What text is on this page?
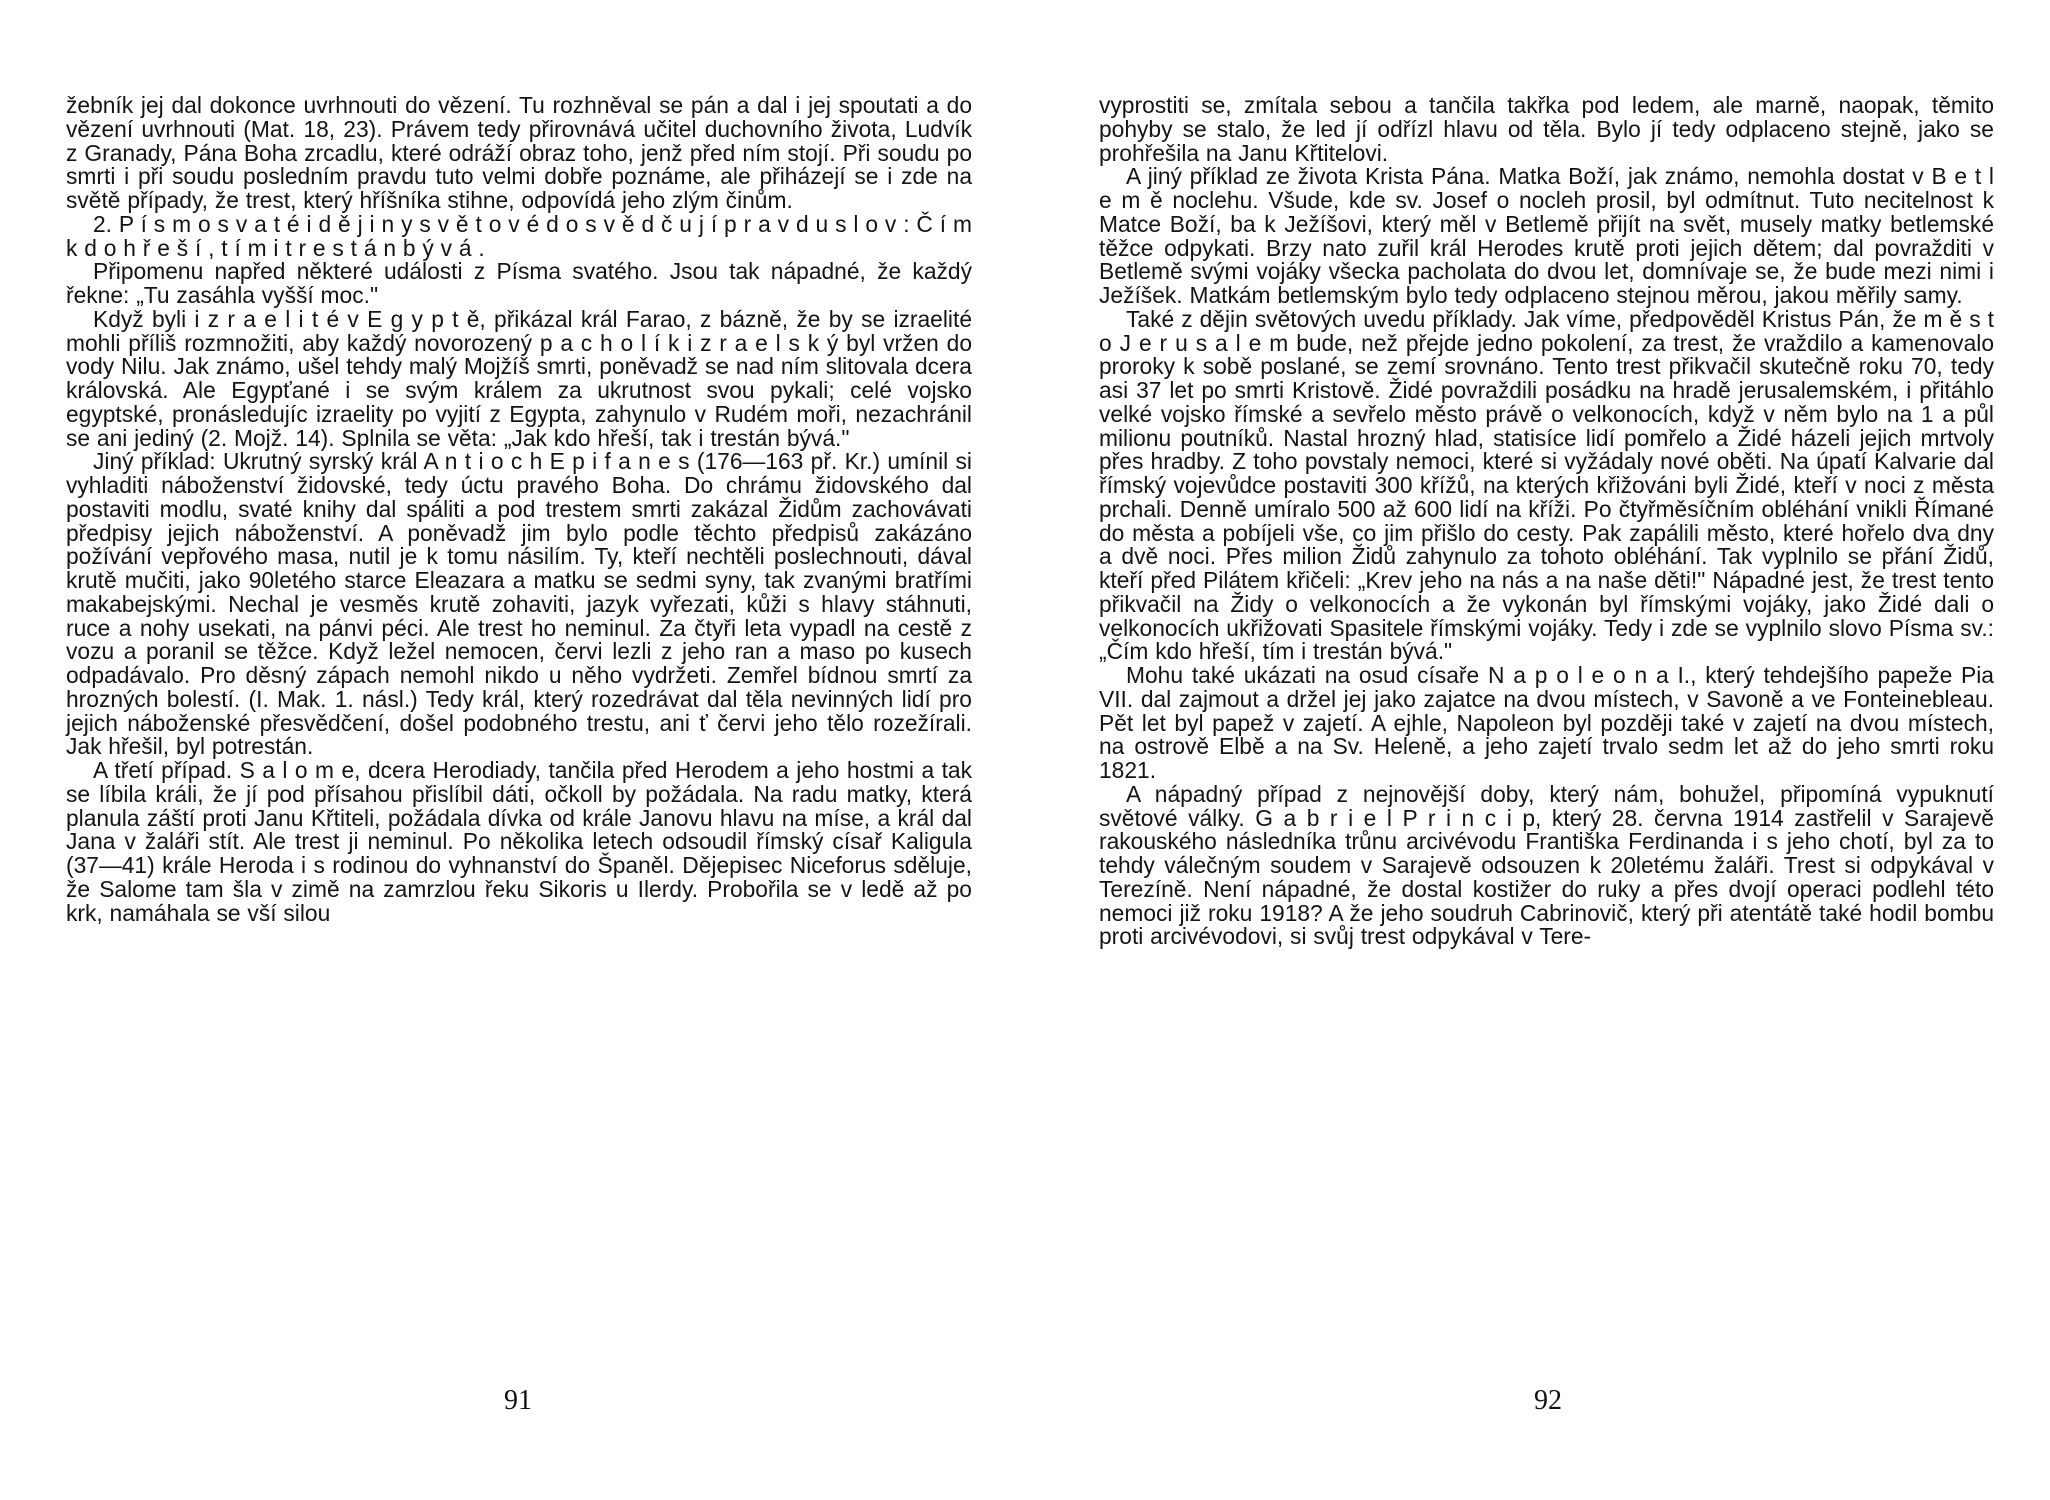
žebník jej dal dokonce uvrhnouti do vězení. Tu rozhněval se pán a dal i jej spoutati a do vězení uvrhnouti (Mat. 18, 23). Právem tedy přirovnává učitel duchovního života, Ludvík z Granady, Pána Boha zrcadlu, které odráží obraz toho, jenž před ním stojí. Při soudu po smrti i při soudu posledním pravdu tuto velmi dobře poznáme, ale přiházejí se i zde na světě případy, že trest, který hříšníka stihne, odpovídá jeho zlým činům.

2. P í s m o s v a t é i d ě j i n y s v ě t o v é d o s v ě d č u j í p r a v d u s l o v : Č í m k d o h ř e š í , t í m i t r e s t á n b ý v á .

Připomenu napřed některé události z Písma svatého. Jsou tak nápadné, že každý řekne: „Tu zasáhla vyšší moc."

Když byli i z r a e l i t é v E g y p t ě, přikázal král Farao, z bázně, že by se izraelité mohli příliš rozmnožiti, aby každý novorozený p a c h o l í k i z r a e l s k ý byl vržen do vody Nilu. Jak známo, ušel tehdy malý Mojžíš smrti, poněvadž se nad ním slitovala dcera královská. Ale Egypťané i se svým králem za ukrutnost svou pykali; celé vojsko egyptské, pronásledujíc izraelity po vyjití z Egypta, zahynulo v Rudém moři, nezachránil se ani jediný (2. Mojž. 14). Splnila se věta: „Jak kdo hřeší, tak i trestán bývá."

Jiný příklad: Ukrutný syrský král A n t i o c h E p i f a n e s (176—163 př. Kr.) umínil si vyhladiti náboženství židovské, tedy úctu pravého Boha. Do chrámu židovského dal postaviti modlu, svaté knihy dal spáliti a pod trestem smrti zakázal Židům zachovávati předpisy jejich náboženství. A poněvadž jim bylo podle těchto předpisů zakázáno požívání vepřového masa, nutil je k tomu násilím. Ty, kteří nechtěli poslechnouti, dával krutě mučiti, jako 90letého starce Eleazara a matku se sedmi syny, tak zvanými bratřími makabejskými. Nechal je vesměs krutě zohaviti, jazyk vyřezati, kůži s hlavy stáhnuti, ruce a nohy usekati, na pánvi péci. Ale trest ho neminul. Za čtyři leta vypadl na cestě z vozu a poranil se těžce. Když ležel nemocen, červi lezli z jeho ran a maso po kusech odpadávalo. Pro děsný zápach nemohl nikdo u něho vydržeti. Zemřel bídnou smrtí za hrozných bolestí. (I. Mak. 1. násl.) Tedy král, který rozedrávat dal těla nevinných lidí pro jejich náboženské přesvědčení, došel podobného trestu, ani ť červi jeho tělo rozežírali. Jak hřešil, byl potrestán.

A třetí případ. S a l o m e, dcera Herodiady, tančila před Herodem a jeho hostmi a tak se líbila králi, že jí pod přísahou přislíbil dáti, očkoll by požádala. Na radu matky, která planula záští proti Janu Křtiteli, požádala dívka od krále Janovu hlavu na míse, a král dal Jana v žaláři stít. Ale trest ji neminul. Po několika letech odsoudil římský císař Kaligula (37—41) krále Heroda i s rodinou do vyhnanství do Španěl. Dějepisec Niceforus sděluje, že Salome tam šla v zimě na zamrzlou řeku Sikoris u Ilerdy. Probořila se v ledě až po krk, namáhala se vší silou

91

vyprostiti se, zmítala sebou a tančila takřka pod ledem, ale marně, naopak, těmito pohyby se stalo, že led jí odřízl hlavu od těla. Bylo jí tedy odplaceno stejně, jako se prohřešila na Janu Křtitelovi.

A jiný příklad ze života Krista Pána. Matka Boží, jak známo, nemohla dostat v B e t l e m ě noclehu. Všude, kde sv. Josef o nocleh prosil, byl odmítnut. Tuto necitelnost k Matce Boží, ba k Ježíšovi, který měl v Betlemě přijít na svět, musely matky betlemské těžce odpykati. Brzy nato zuřil král Herodes krutě proti jejich dětem; dal povražditi v Betlemě svými vojáky všecka pacholata do dvou let, domnívaje se, že bude mezi nimi i Ježíšek. Matkám betlemským bylo tedy odplaceno stejnou měrou, jakou měřily samy.

Také z dějin světových uvedu příklady. Jak víme, předpověděl Kristus Pán, že m ě s t o J e r u s a l e m bude, než přejde jedno pokolení, za trest, že vraždilo a kamenovalo proroky k sobě poslané, se zemí srovnáno. Tento trest přikvačil skutečně roku 70, tedy asi 37 let po smrti Kristově. Židé povraždili posádku na hradě jerusalemském, i přitáhlo velké vojsko římské a sevřelo město právě o velkonocích, když v něm bylo na 1 a půl milionu poutníků. Nastal hrozný hlad, statisíce lidí pomřelo a Židé házeli jejich mrtvoly přes hradby. Z toho povstaly nemoci, které si vyžádaly nové oběti. Na úpatí Kalvarie dal římský vojevůdce postaviti 300 křížů, na kterých křižováni byli Židé, kteří v noci z města prchali. Denně umíralo 500 až 600 lidí na kříži. Po čtyřměsíčním obléhání vnikli Římané do města a pobíjeli vše, co jim přišlo do cesty. Pak zapálili město, které hořelo dva dny a dvě noci. Přes milion Židů zahynulo za tohoto obléhání. Tak vyplnilo se přání Židů, kteří před Pilátem křičeli: „Krev jeho na nás a na naše děti!" Nápadné jest, že trest tento přikvačil na Židy o velkonocích a že vykonán byl římskými vojáky, jako Židé dali o velkonocích ukřižovati Spasitele římskými vojáky. Tedy i zde se vyplnilo slovo Písma sv.: „Čím kdo hřeší, tím i trestán bývá."

Mohu také ukázati na osud císaře N a p o l e o n a I., který tehdejšího papeže Pia VII. dal zajmout a držel jej jako zajatce na dvou místech, v Savoně a ve Fonteinebleau. Pět let byl papež v zajetí. A ejhle, Napoleon byl později také v zajetí na dvou místech, na ostrově Elbě a na Sv. Heleně, a jeho zajetí trvalo sedm let až do jeho smrti roku 1821.

A nápadný případ z nejnovější doby, který nám, bohužel, připomíná vypuknutí světové války. G a b r i e l P r i n c i p, který 28. června 1914 zastřelil v Sarajevě rakouského následníka trůnu arcivévodu Františka Ferdinanda i s jeho chotí, byl za to tehdy válečným soudem v Sarajevě odsouzen k 20letému žaláři. Trest si odpykával v Terezíně. Není nápadné, že dostal kostižer do ruky a přes dvojí operaci podlehl této nemoci již roku 1918? A že jeho soudruh Cabrinovič, který při atentátě také hodil bombu proti arcivévodovi, si svůj trest odpykával v Tere-

92
